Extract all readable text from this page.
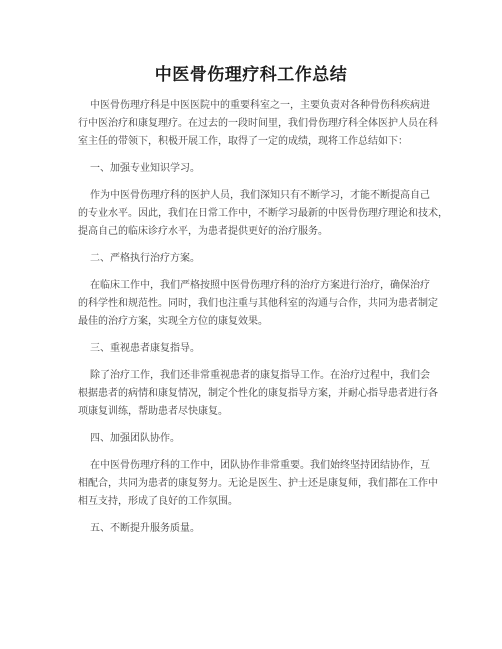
中医骨伤理疗科工作总结
中医骨伤理疗科是中医医院中的重要科室之一，主要负责对各种骨伤科疾病进
行中医治疗和康复理疗。在过去的一段时间里，我们骨伤理疗科全体医护人员在科
室主任的带领下，积极开展工作，取得了一定的成绩，现将工作总结如下：
一、加强专业知识学习。
作为中医骨伤理疗科的医护人员，我们深知只有不断学习，才能不断提高自己
的专业水平。因此，我们在日常工作中，不断学习最新的中医骨伤理疗理论和技术，
提高自己的临床诊疗水平，为患者提供更好的治疗服务。
二、严格执行治疗方案。
在临床工作中，我们严格按照中医骨伤理疗科的治疗方案进行治疗，确保治疗
的科学性和规范性。同时，我们也注重与其他科室的沟通与合作，共同为患者制定
最佳的治疗方案，实现全方位的康复效果。
三、重视患者康复指导。
除了治疗工作，我们还非常重视患者的康复指导工作。在治疗过程中，我们会
根据患者的病情和康复情况，制定个性化的康复指导方案，并耐心指导患者进行各
项康复训练，帮助患者尽快康复。
四、加强团队协作。
在中医骨伤理疗科的工作中，团队协作非常重要。我们始终坚持团结协作，互
相配合，共同为患者的康复努力。无论是医生、护士还是康复师，我们都在工作中
相互支持，形成了良好的工作氛围。
五、不断提升服务质量。
